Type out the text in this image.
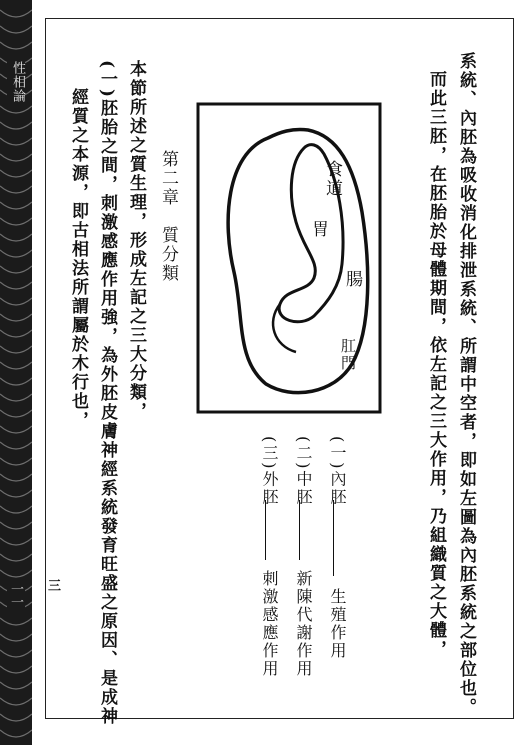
性相論
一一	系統、內胚為吸收消化排泄系統、所謂中空者，即如左圖為內胚系統之部位也。
而此三胚，在胚胎於母體期間，依左記之三大作用，乃組織質之大體，
食道
胃
腸
肛門
(一)內胚
生殖作用
(二)中胚
新陳代謝作用
(三)外胚
刺激感應作用
第二章　質分類
本節所述之質生理，形成左記之三大分類，
(一)胚胎之間，刺激感應作用強，為外胚皮膚神經系統發育旺盛之原因、是成神
經質之本源，即古相法所謂屬於木行也，
三
